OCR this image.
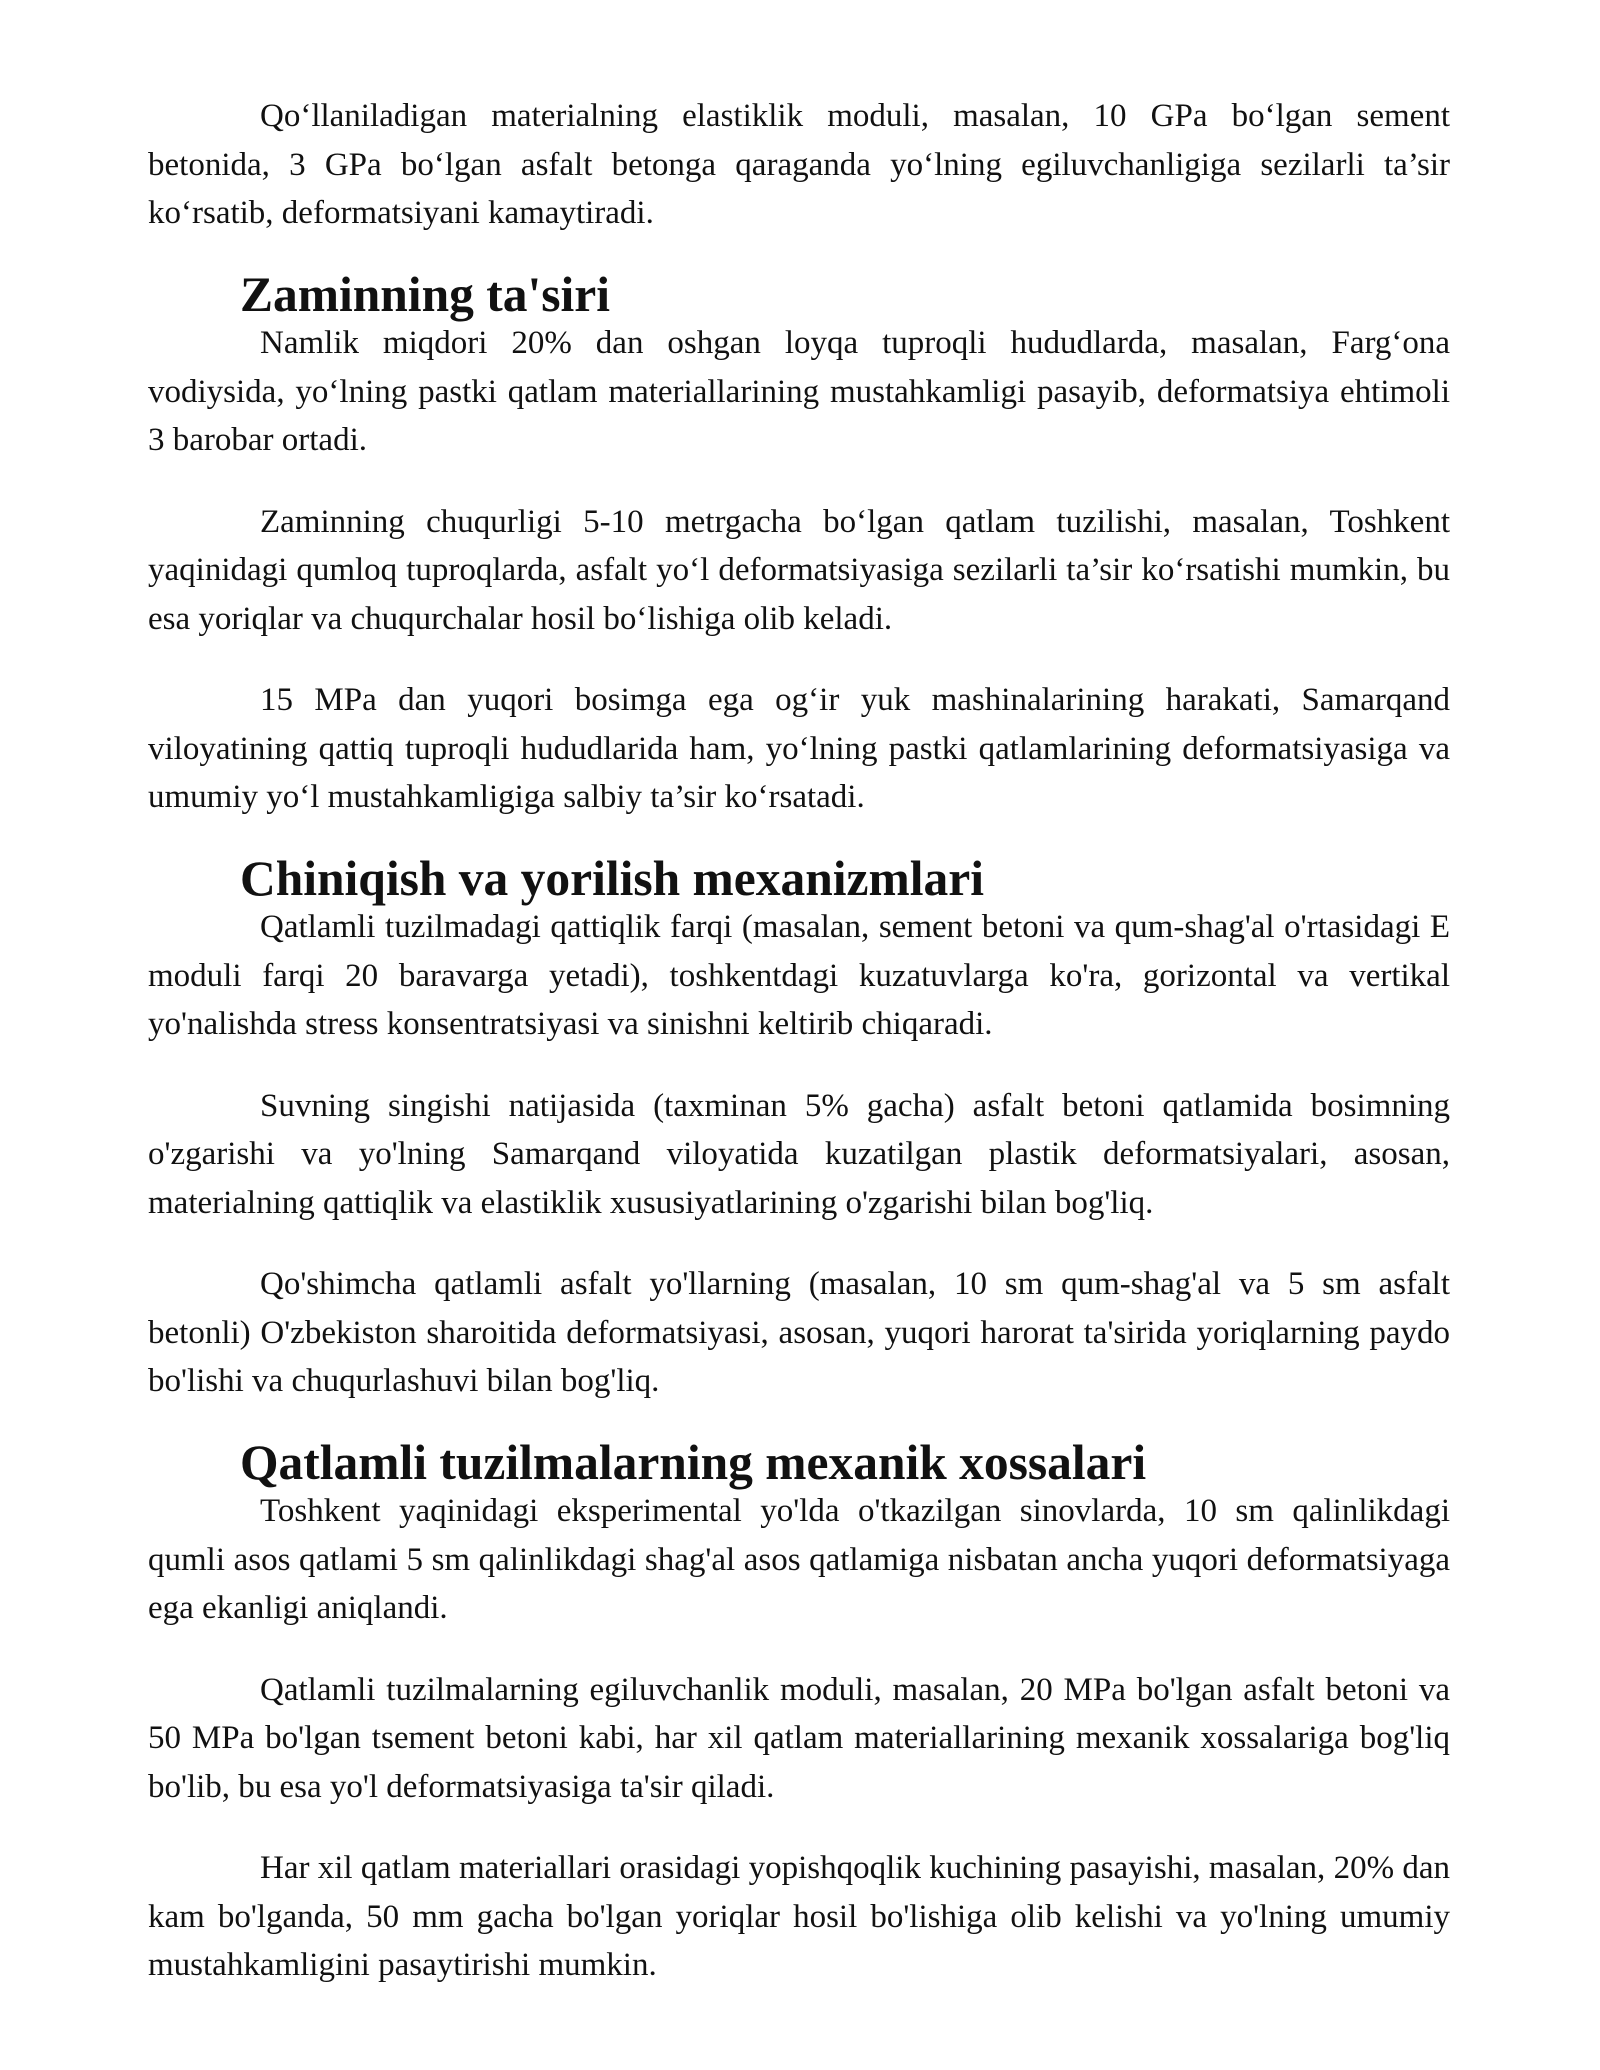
Qo‘llaniladigan materialning elastiklik moduli, masalan, 10 GPa bo‘lgan sement betonida, 3 GPa bo‘lgan asfalt betonga qaraganda yo‘lning egiluvchanligiga sezilarli ta’sir ko‘rsatib, deformatsiyani kamaytiradi.

Zaminning ta'siri

Namlik miqdori 20% dan oshgan loyqa tuproqli hududlarda, masalan, Farg‘ona vodiysida, yo‘lning pastki qatlam materiallarining mustahkamligi pasayib, deformatsiya ehtimoli 3 barobar ortadi.

Zaminning chuqurligi 5-10 metrgacha bo‘lgan qatlam tuzilishi, masalan, Toshkent yaqinidagi qumloq tuproqlarda, asfalt yo‘l deformatsiyasiga sezilarli ta’sir ko‘rsatishi mumkin, bu esa yoriqlar va chuqurchalar hosil bo‘lishiga olib keladi.

15 MPa dan yuqori bosimga ega og‘ir yuk mashinalarining harakati, Samarqand viloyatining qattiq tuproqli hududlarida ham, yo‘lning pastki qatlamlarining deformatsiyasiga va umumiy yo‘l mustahkamligiga salbiy ta’sir ko‘rsatadi.

Chiniqish va yorilish mexanizmlari

Qatlamli tuzilmadagi qattiqlik farqi (masalan, sement betoni va qum-shag'al o'rtasidagi E moduli farqi 20 baravarga yetadi), toshkentdagi kuzatuvlarga ko'ra, gorizontal va vertikal yo'nalishda stress konsentratsiyasi va sinishni keltirib chiqaradi.

Suvning singishi natijasida (taxminan 5% gacha) asfalt betoni qatlamida bosimning o'zgarishi va yo'lning Samarqand viloyatida kuzatilgan plastik deformatsiyalari, asosan, materialning qattiqlik va elastiklik xususiyatlarining o'zgarishi bilan bog'liq.

Qo'shimcha qatlamli asfalt yo'llarning (masalan, 10 sm qum-shag'al va 5 sm asfalt betonli) O'zbekiston sharoitida deformatsiyasi, asosan, yuqori harorat ta'sirida yoriqlarning paydo bo'lishi va chuqurlashuvi bilan bog'liq.

Qatlamli tuzilmalarning mexanik xossalari

Toshkent yaqinidagi eksperimental yo'lda o'tkazilgan sinovlarda, 10 sm qalinlikdagi qumli asos qatlami 5 sm qalinlikdagi shag'al asos qatlamiga nisbatan ancha yuqori deformatsiyaga ega ekanligi aniqlandi.

Qatlamli tuzilmalarning egiluvchanlik moduli, masalan, 20 MPa bo'lgan asfalt betoni va 50 MPa bo'lgan tsement betoni kabi, har xil qatlam materiallarining mexanik xossalariga bog'liq bo'lib, bu esa yo'l deformatsiyasiga ta'sir qiladi.

Har xil qatlam materiallari orasidagi yopishqoqlik kuchining pasayishi, masalan, 20% dan kam bo'lganda, 50 mm gacha bo'lgan yoriqlar hosil bo'lishiga olib kelishi va yo'lning umumiy mustahkamligini pasaytirishi mumkin.
